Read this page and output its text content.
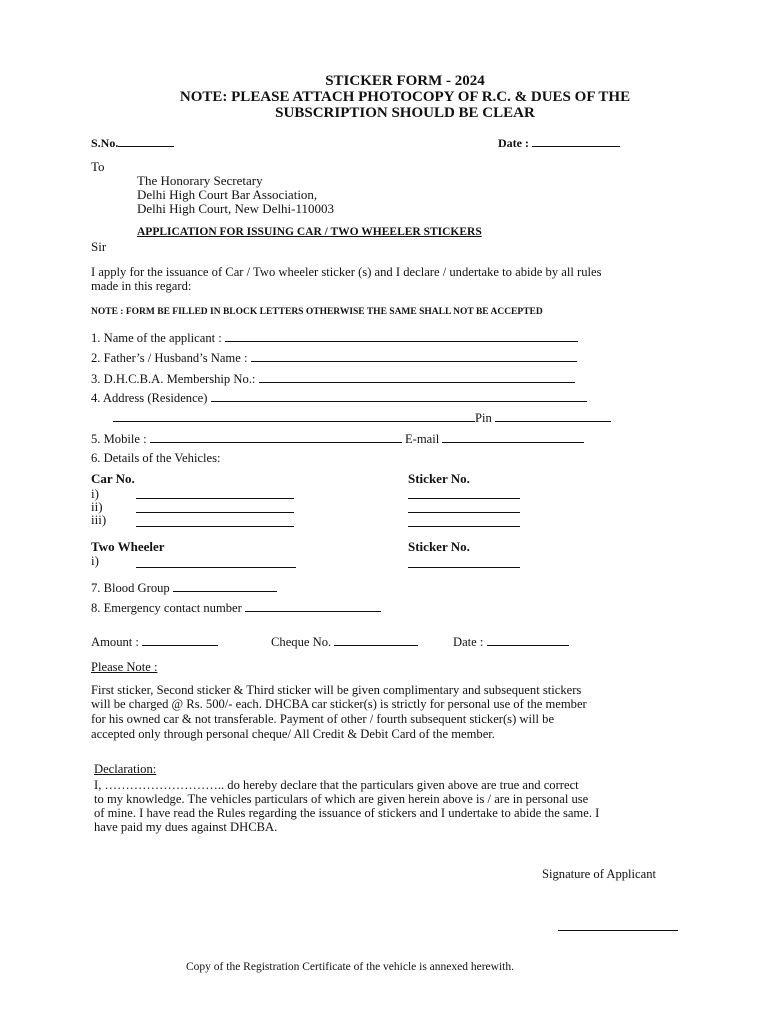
STICKER FORM - 2024
NOTE: PLEASE ATTACH PHOTOCOPY OF R.C. & DUES OF THE
SUBSCRIPTION SHOULD BE CLEAR
S.No.	Date :
To
The Honorary Secretary
Delhi High Court Bar Association,
Delhi High Court, New Delhi-110003
APPLICATION FOR ISSUING CAR / TWO WHEELER STICKERS
Sir
I apply for the issuance of Car / Two wheeler sticker (s) and I declare / undertake to abide by all rules
made in this regard:
NOTE : FORM BE FILLED IN BLOCK LETTERS OTHERWISE THE SAME SHALL NOT BE ACCEPTED
1. Name of the applicant :
2. Father’s / Husband’s Name :
3. D.H.C.B.A. Membership No.:
4. Address (Residence)
Pin
5. Mobile :	E-mail
6. Details of the Vehicles:
Car No.	Sticker No.
i)
ii)
iii)
Two Wheeler	Sticker No.
i)
7. Blood Group
8. Emergency contact number
Amount :	Cheque No.	Date :
Please Note :
First sticker, Second sticker & Third sticker will be given complimentary and subsequent stickers
will be charged @ Rs. 500/- each. DHCBA car sticker(s) is strictly for personal use of the member
for his owned car & not transferable. Payment of other / fourth subsequent sticker(s) will be
accepted only through personal cheque/ All Credit & Debit Card of the member.
Declaration:
I, ……………………….. do hereby declare that the particulars given above are true and correct
to my knowledge. The vehicles particulars of which are given herein above is / are in personal use
of mine. I have read the Rules regarding the issuance of stickers and I undertake to abide the same. I
have paid my dues against DHCBA.
Signature of Applicant
Copy of the Registration Certificate of the vehicle is annexed herewith.
